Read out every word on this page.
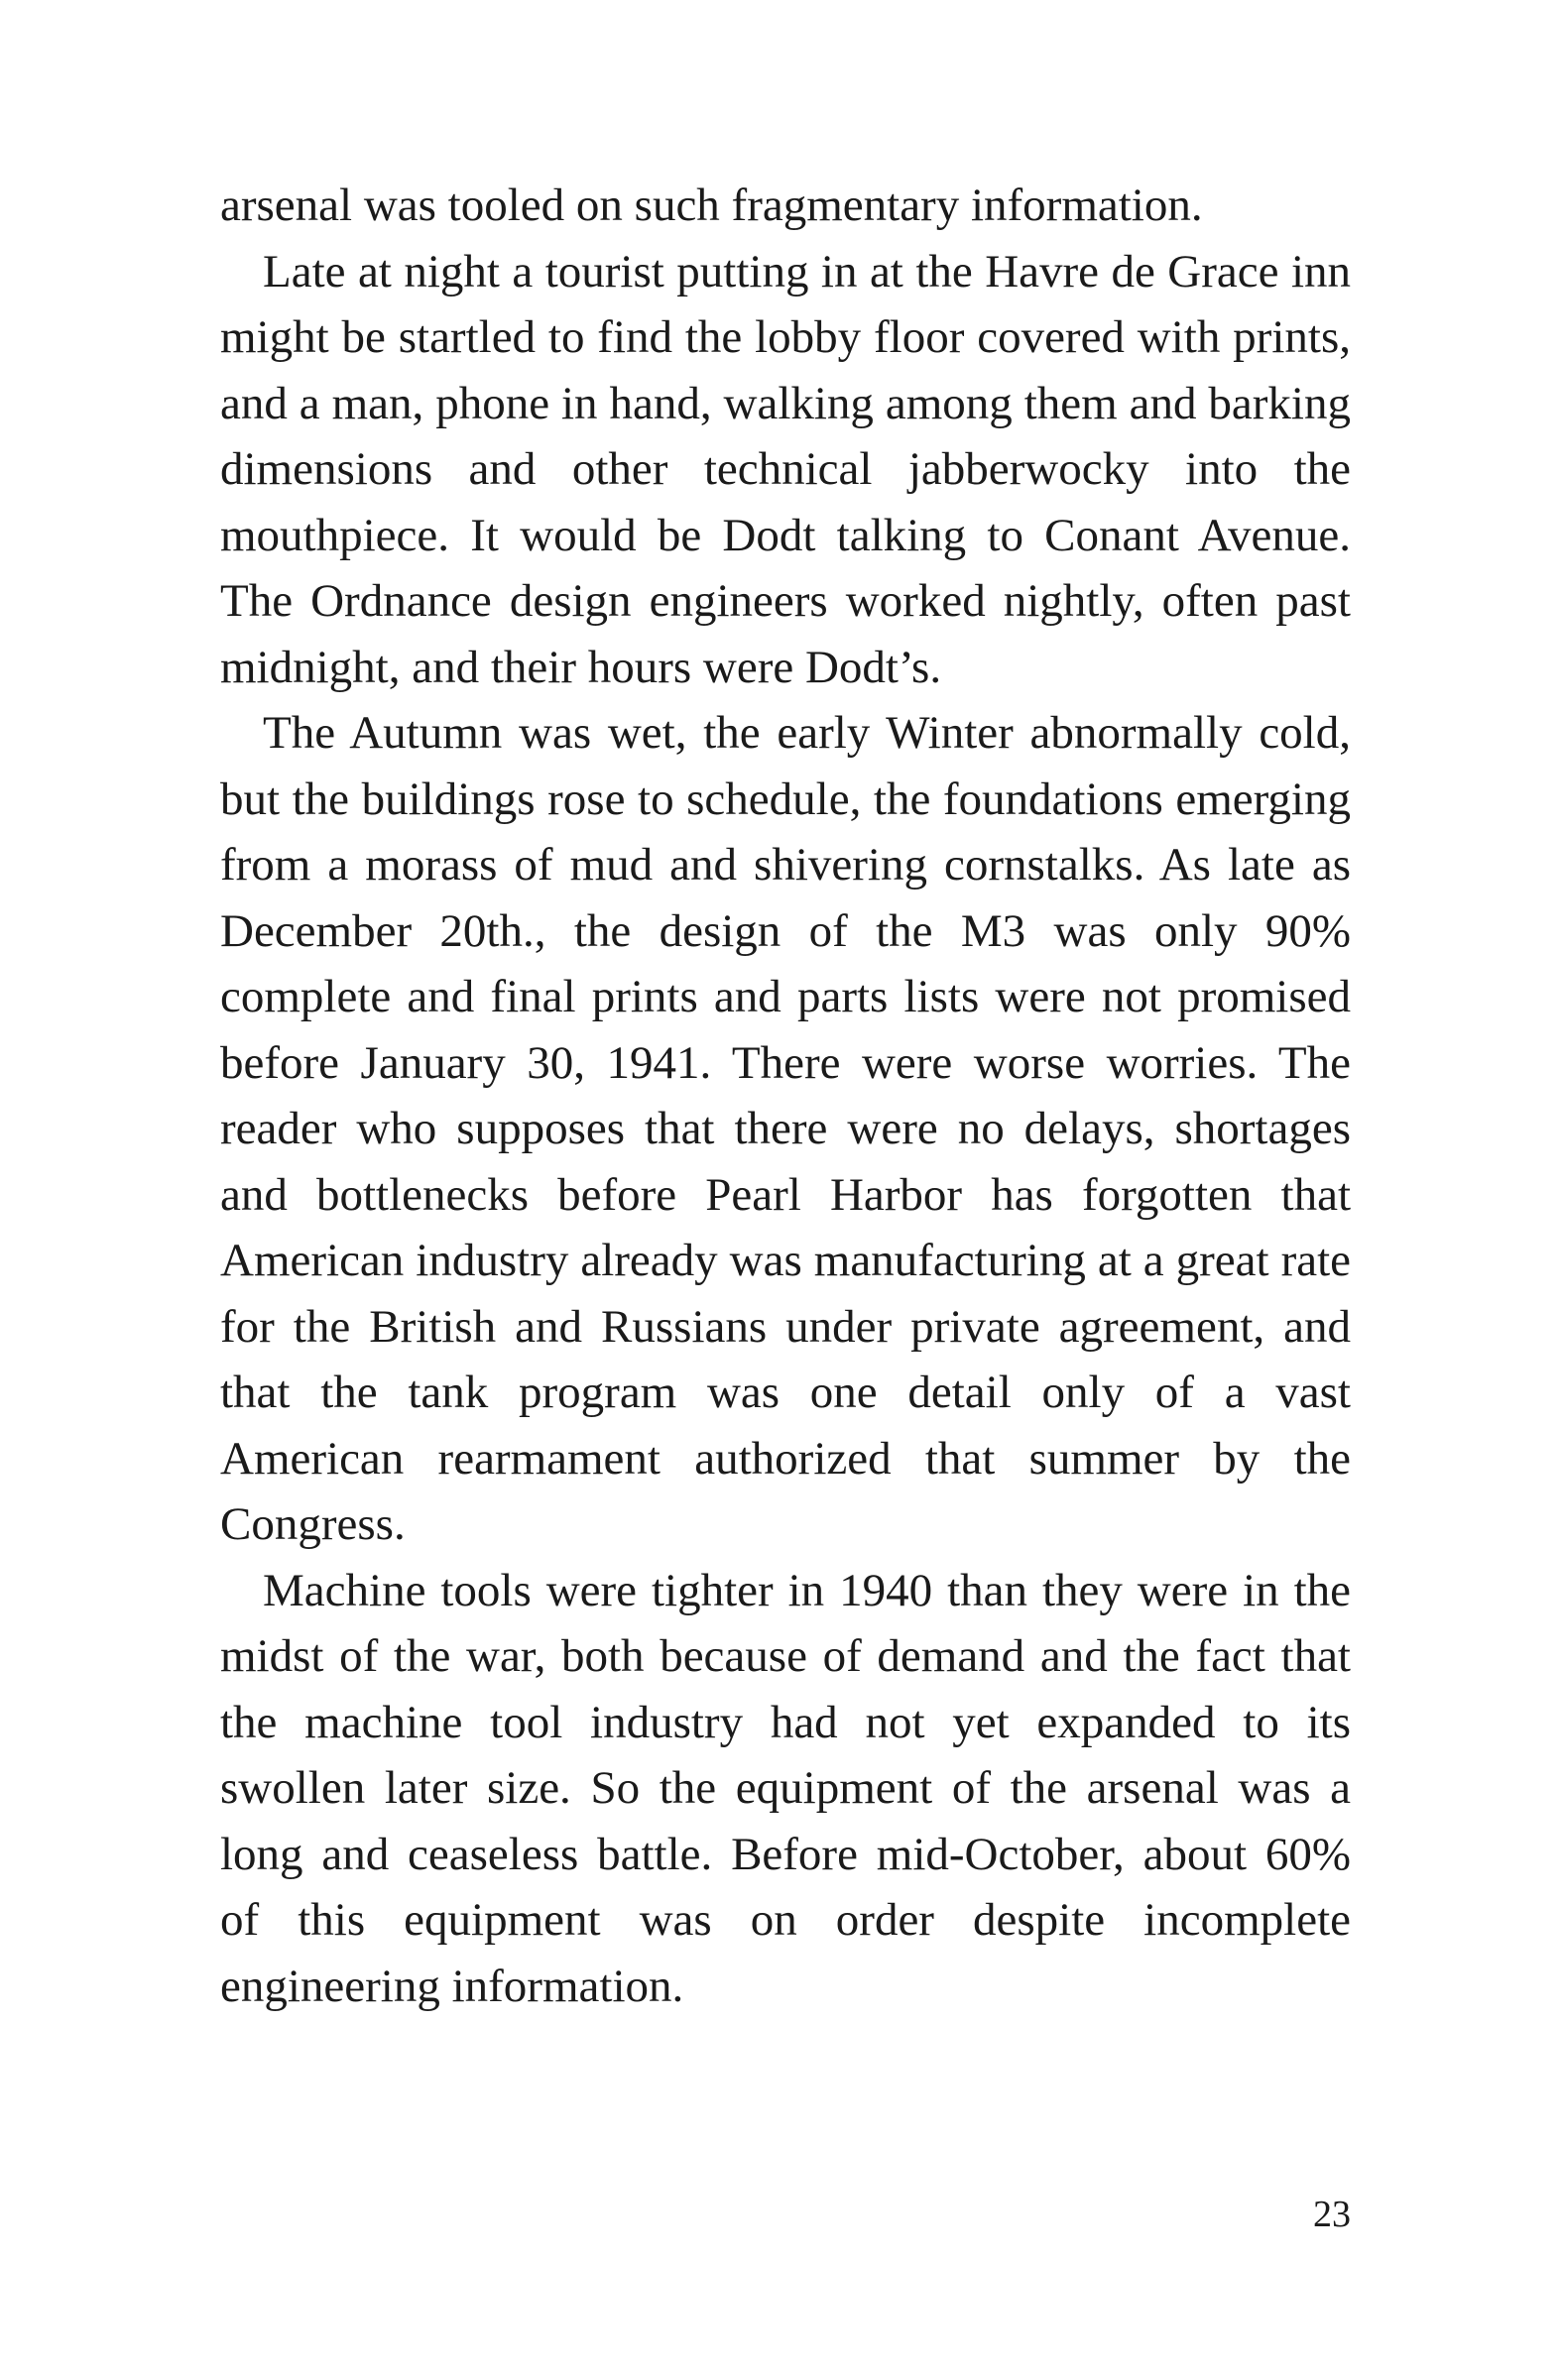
arsenal was tooled on such fragmentary information.

Late at night a tourist putting in at the Havre de Grace inn might be startled to find the lobby floor covered with prints, and a man, phone in hand, walking among them and barking dimensions and other technical jabberwocky into the mouthpiece. It would be Dodt talking to Conant Avenue. The Ordnance design engineers worked nightly, often past midnight, and their hours were Dodt’s.

The Autumn was wet, the early Winter abnormally cold, but the buildings rose to schedule, the foundations emerging from a morass of mud and shivering cornstalks. As late as December 20th., the design of the M3 was only 90% complete and final prints and parts lists were not promised before January 30, 1941. There were worse worries. The reader who supposes that there were no delays, shortages and bottlenecks before Pearl Harbor has forgotten that American industry already was manufacturing at a great rate for the British and Russians under private agreement, and that the tank program was one detail only of a vast American rearmament authorized that summer by the Congress.

Machine tools were tighter in 1940 than they were in the midst of the war, both because of demand and the fact that the machine tool industry had not yet expanded to its swollen later size. So the equipment of the arsenal was a long and ceaseless battle. Before mid-October, about 60% of this equipment was on order despite incomplete engineering information.

23
